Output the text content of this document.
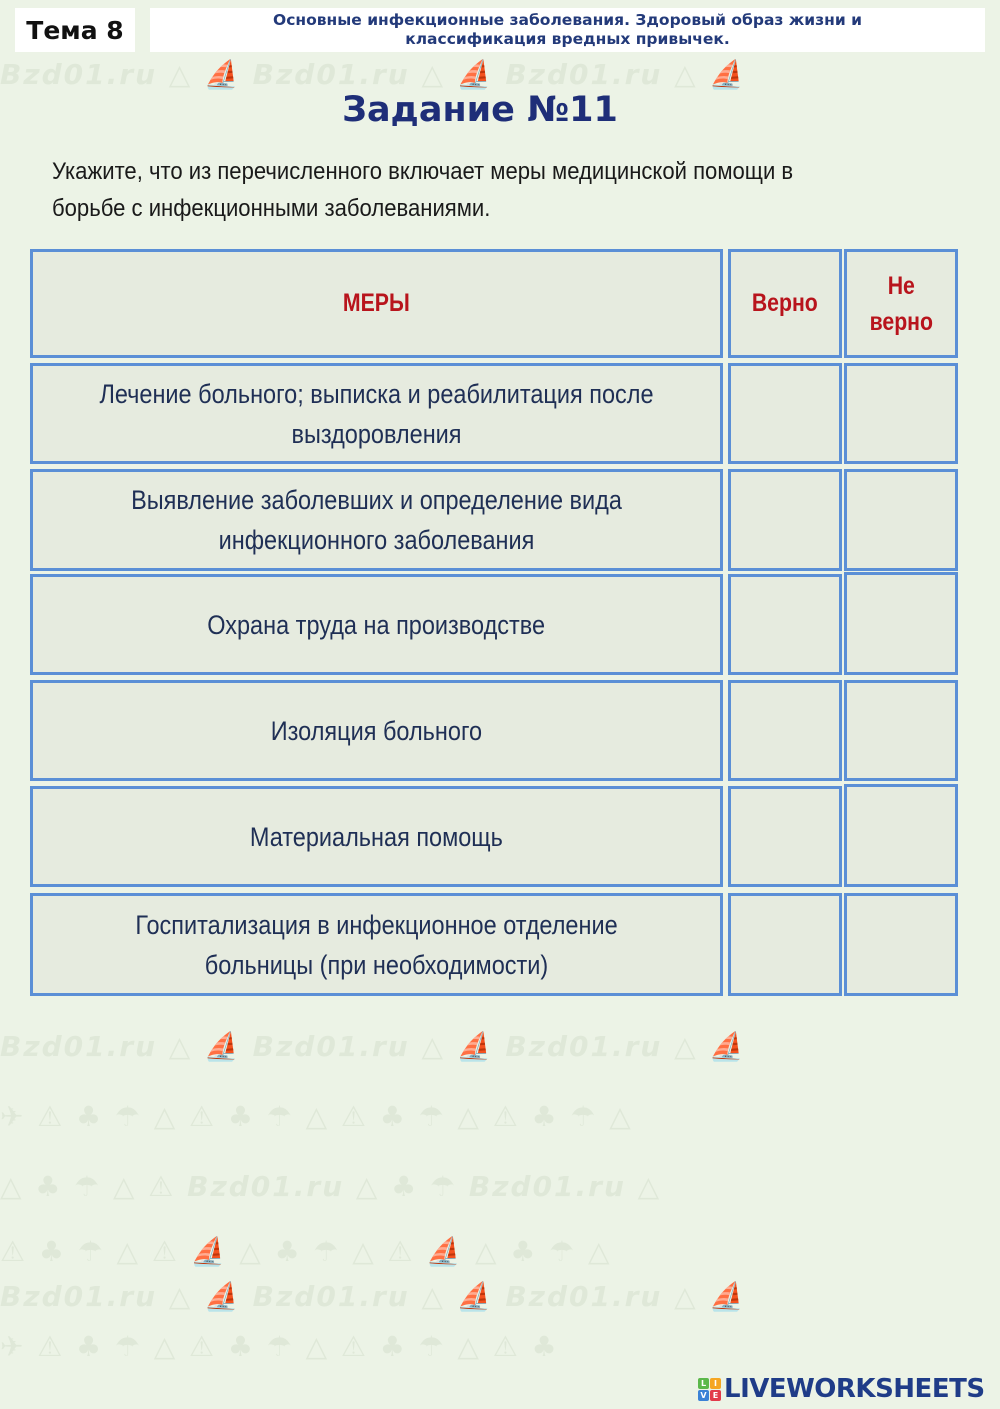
Bzd01.ru △ ⛵ Bzd01.ru △ ⛵ Bzd01.ru △ ⛵
Bzd01.ru △ ⛵ Bzd01.ru △ ⛵ Bzd01.ru △ ⛵
✈ ⚠ ♣ ☂ △ ⚠ ♣ ☂ △ ⚠ ♣ ☂ △ ⚠ ♣ ☂ △
△ ♣ ☂ △ ⚠ Bzd01.ru △ ♣ ☂ Bzd01.ru △
⚠ ♣ ☂ △ ⚠ ⛵ △ ♣ ☂ △ ⚠ ⛵ △ ♣ ☂ △
Bzd01.ru △ ⛵ Bzd01.ru △ ⛵ Bzd01.ru △ ⛵
✈ ⚠ ♣ ☂ △ ⚠ ♣ ☂ △ ⚠ ♣ ☂ △ ⚠ ♣
Тема 8	Основные инфекционные заболевания. Здоровый образ жизни и
классификация вредных привычек.
Задание №11
Укажите, что из перечисленного включает меры медицинской помощи в борьбе с инфекционными заболеваниями.
МЕРЫ	Верно
Не
верно
Лечение больного; выписка и реабилитация после выздоровления
Выявление заболевших и определение вида инфекционного заболевания
Охрана труда на производстве
Изоляция больного
Материальная помощь
Госпитализация в инфекционное отделение больницы (при необходимости)
L I
V E LIVEWORKSHEETS
